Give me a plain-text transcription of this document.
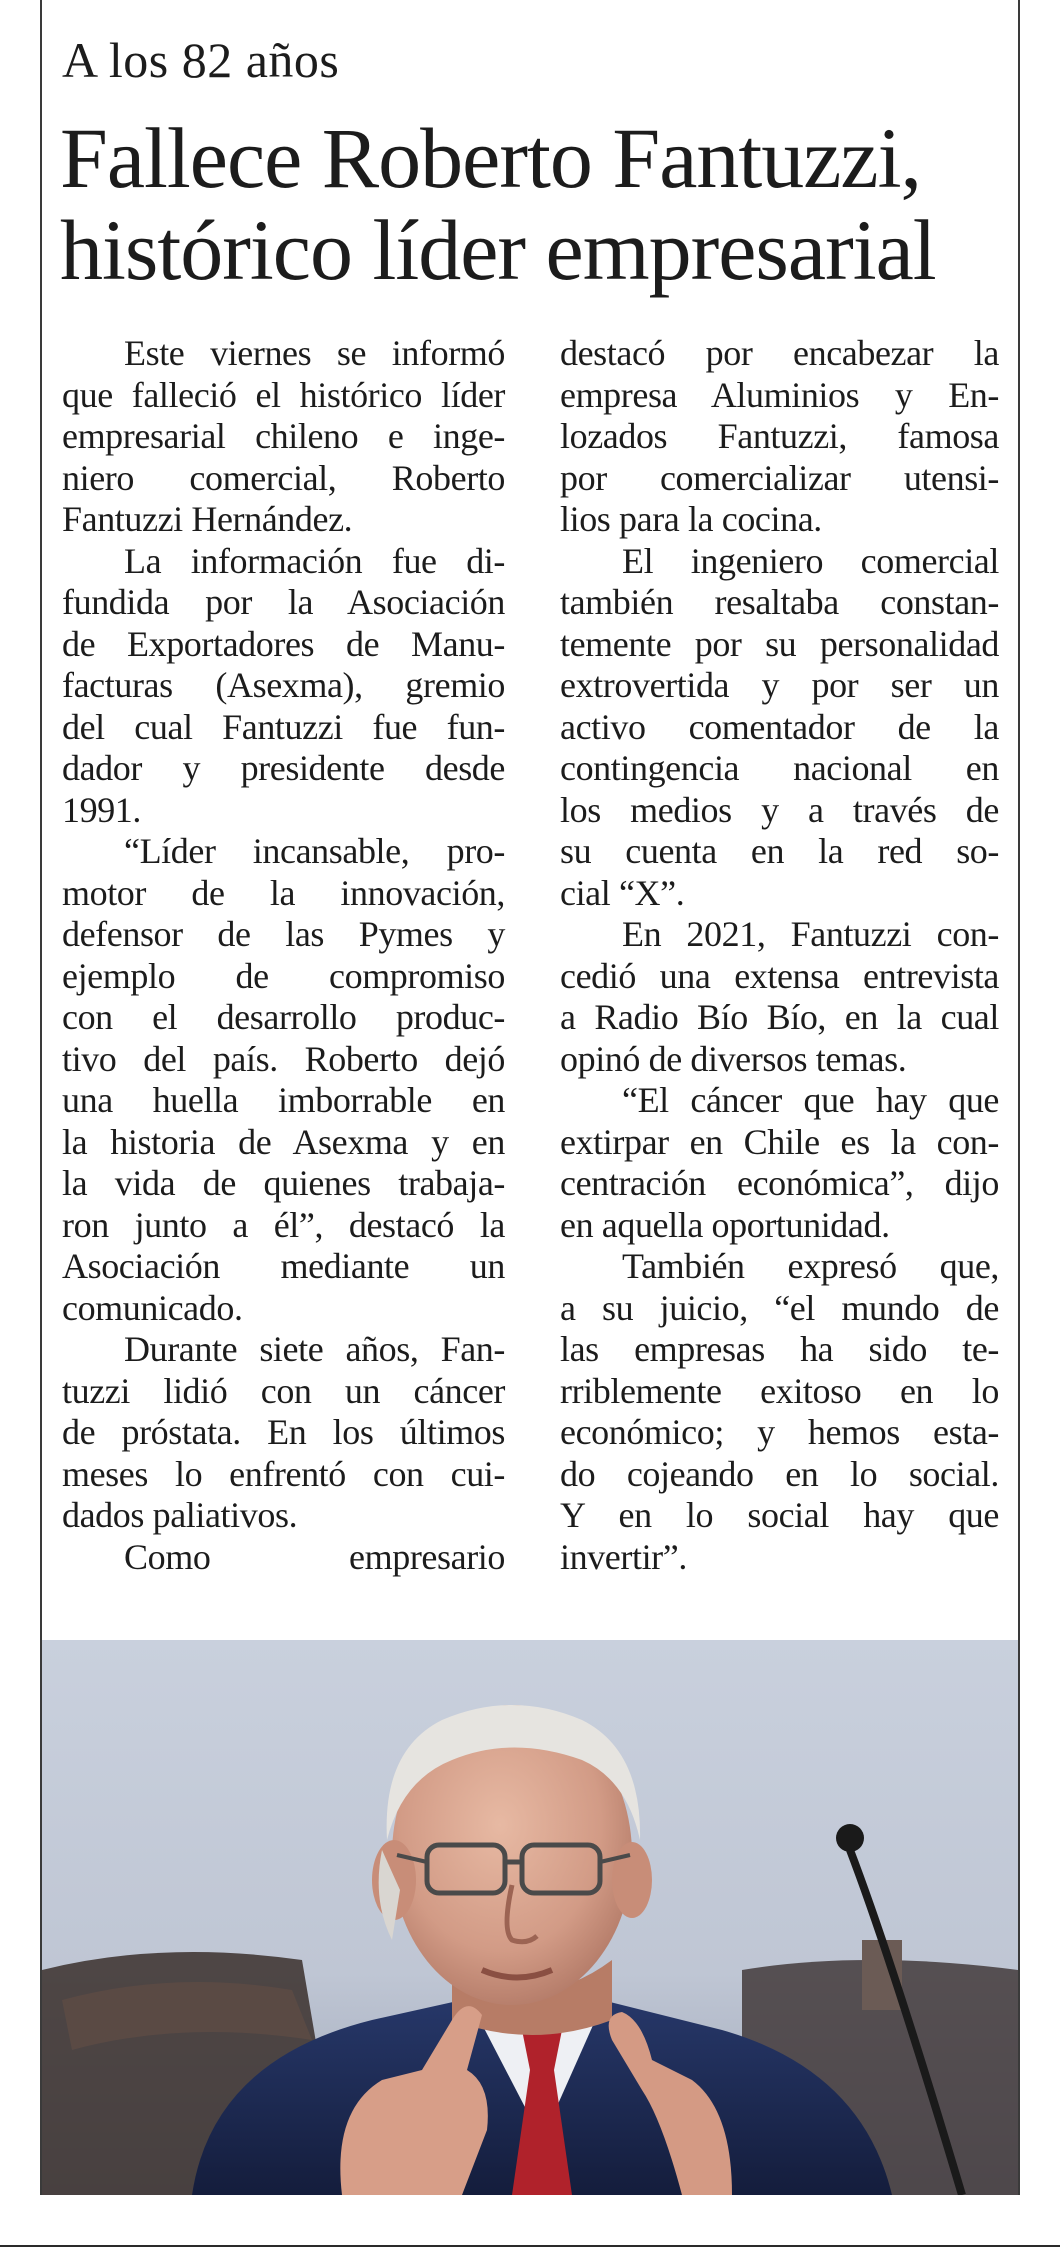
A los 82 años
Fallece Roberto Fantuzzi,
histórico líder empresarial

Este viernes se informó
que falleció el histórico líder
empresarial chileno e inge-
niero comercial, Roberto
Fantuzzi Hernández.

La información fue di-
fundida por la Asociación
de Exportadores de Manu-
facturas (Asexma), gremio
del cual Fantuzzi fue fun-
dador y presidente desde
1991.

“Líder incansable, pro-
motor de la innovación,
defensor de las Pymes y
ejemplo de compromiso
con el desarrollo produc-
tivo del país. Roberto dejó
una huella imborrable en
la historia de Asexma y en
la vida de quienes trabaja-
ron junto a él”, destacó la
Asociación mediante un
comunicado.

Durante siete años, Fan-
tuzzi lidió con un cáncer
de próstata. En los últimos
meses lo enfrentó con cui-
dados paliativos.

Como empresario

destacó por encabezar la
empresa Aluminios y En-
lozados Fantuzzi, famosa
por comercializar utensi-
lios para la cocina.

El ingeniero comercial
también resaltaba constan-
temente por su personalidad
extrovertida y por ser un
activo comentador de la
contingencia nacional en
los medios y a través de
su cuenta en la red so-
cial “X”.

En 2021, Fantuzzi con-
cedió una extensa entrevista
a Radio Bío Bío, en la cual
opinó de diversos temas.

“El cáncer que hay que
extirpar en Chile es la con-
centración económica”, dijo
en aquella oportunidad.

También expresó que,
a su juicio, “el mundo de
las empresas ha sido te-
rriblemente exitoso en lo
económico; y hemos esta-
do cojeando en lo social.
Y en lo social hay que
invertir”.
